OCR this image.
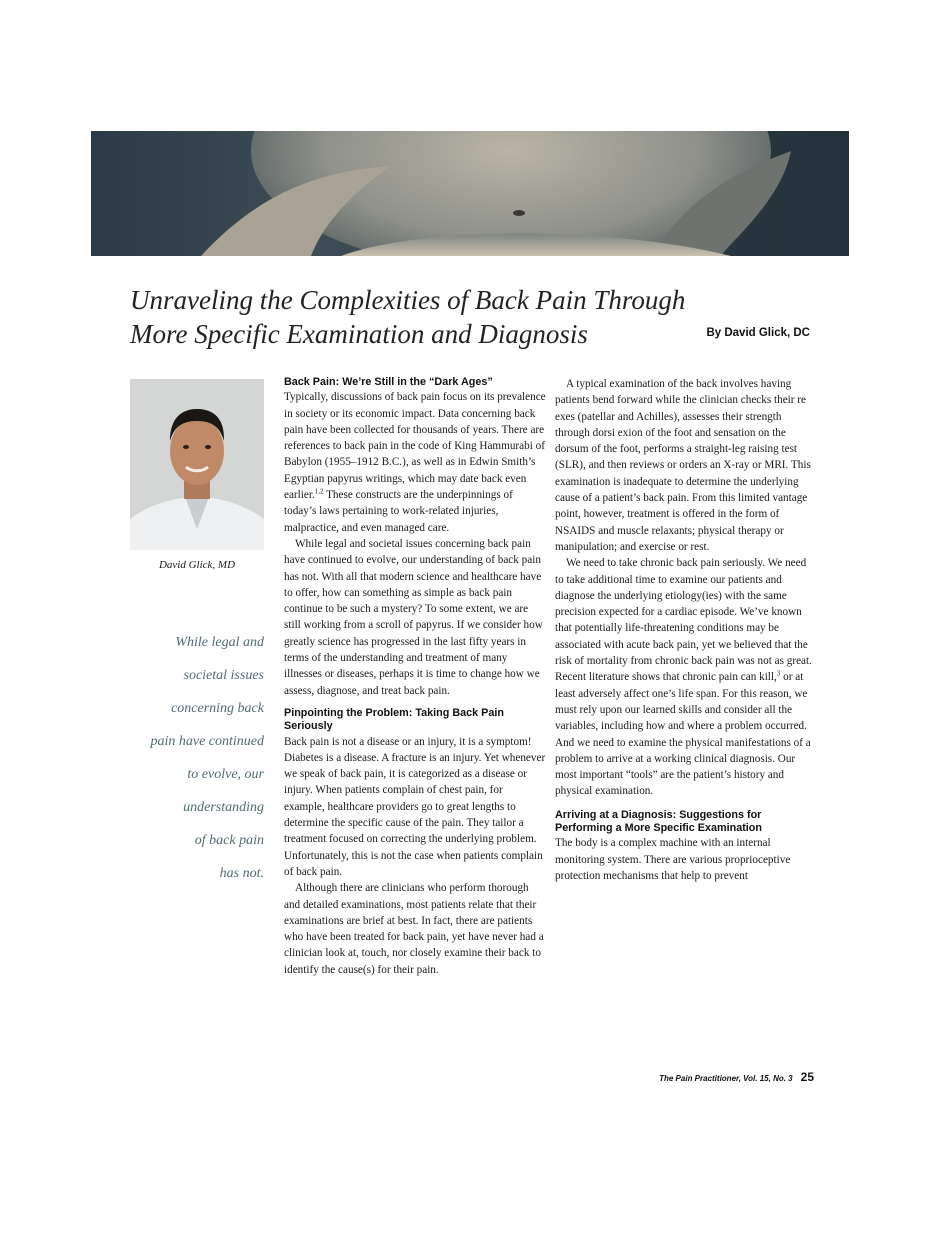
Unraveling the Complexities of Back Pain Through
More Specific Examination and Diagnosis	By David Glick, DC
David Glick, MD
While legal and
societal issues
concerning back
pain have continued
to evolve, our
understanding
of back pain
has not.
Back Pain: We’re Still in the “Dark Ages”

Typically, discussions of back pain focus on its prevalence in society or its economic impact. Data concerning back pain have been collected for thousands of years. There are references to back pain in the code of King Hammurabi of Babylon (1955–1912 B.C.), as well as in Edwin Smith’s Egyptian papyrus writings, which may date back even earlier.$^{1,2}$ These constructs are the underpinnings of today’s laws pertaining to work-related injuries, malpractice, and even managed care.

While legal and societal issues concerning back pain have continued to evolve, our understanding of back pain has not. With all that modern science and healthcare have to offer, how can something as simple as back pain continue to be such a mystery? To some extent, we are still working from a scroll of papyrus. If we consider how greatly science has progressed in the last fifty years in terms of the understanding and treatment of many illnesses or diseases, perhaps it is time to change how we assess, diagnose, and treat back pain.

Pinpointing the Problem: Taking Back Pain Seriously

Back pain is not a disease or an injury, it is a symptom! Diabetes is a disease. A fracture is an injury. Yet whenever we speak of back pain, it is categorized as a disease or injury. When patients complain of chest pain, for example, healthcare providers go to great lengths to determine the specific cause of the pain. They tailor a treatment focused on correcting the underlying problem. Unfortunately, this is not the case when patients complain of back pain.

Although there are clinicians who perform thorough and detailed examinations, most patients relate that their examinations are brief at best. In fact, there are patients who have been treated for back pain, yet have never had a clinician look at, touch, nor closely examine their back to identify the cause(s) for their pain.

A typical examination of the back involves having patients bend forward while the clinician checks their re exes (patellar and Achilles), assesses their strength through dorsi exion of the foot and sensation on the dorsum of the foot, performs a straight-leg raising test (SLR), and then reviews or orders an X-ray or MRI. This examination is inadequate to determine the underlying cause of a patient’s back pain. From this limited vantage point, however, treatment is offered in the form of NSAIDS and muscle relaxants; physical therapy or manipulation; and exercise or rest.

We need to take chronic back pain seriously. We need to take additional time to examine our patients and diagnose the underlying etiology(ies) with the same precision expected for a cardiac episode. We’ve known that potentially life-threatening conditions may be associated with acute back pain, yet we believed that the risk of mortality from chronic back pain was not as great. Recent literature shows that chronic pain can kill,$^3$ or at least adversely affect one’s life span. For this reason, we must rely upon our learned skills and consider all the variables, including how and where a problem occurred. And we need to examine the physical manifestations of a problem to arrive at a working clinical diagnosis. Our most important “tools” are the patient’s history and physical examination.

Arriving at a Diagnosis: Suggestions for Performing a More Specific Examination

The body is a complex machine with an internal monitoring system. There are various proprioceptive protection mechanisms that help to prevent

The Pain Practitioner, Vol. 15, No. 3 25
